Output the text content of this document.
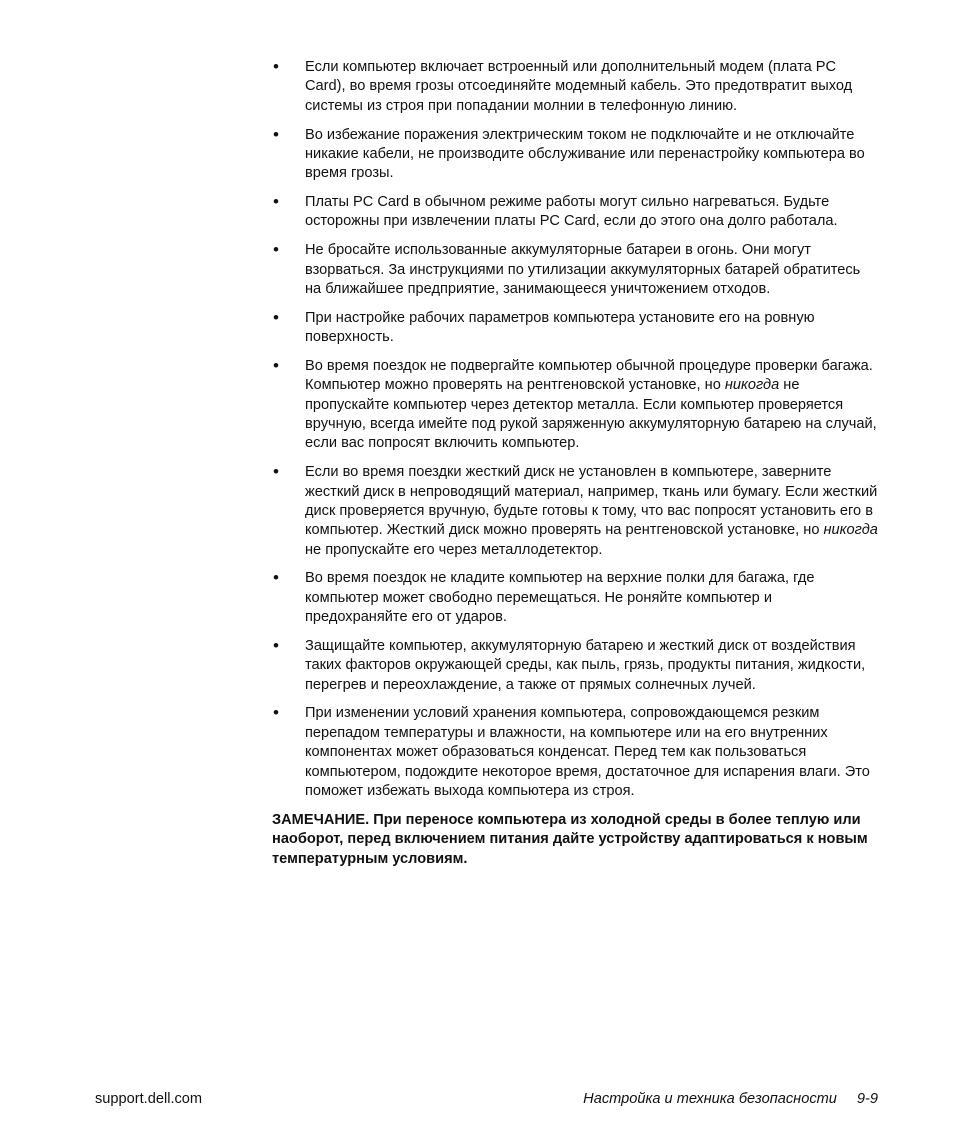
• Если компьютер включает встроенный или дополнительный модем (плата PC Card), во время грозы отсоединяйте модемный кабель. Это предотвратит выход системы из строя при попадании молнии в телефонную линию.
• Во избежание поражения электрическим током не подключайте и не отключайте никакие кабели, не производите обслуживание или перенастройку компьютера во время грозы.
• Платы PC Card в обычном режиме работы могут сильно нагреваться. Будьте осторожны при извлечении платы PC Card, если до этого она долго работала.
• Не бросайте использованные аккумуляторные батареи в огонь. Они могут взорваться. За инструкциями по утилизации аккумуляторных батарей обратитесь на ближайшее предприятие, занимающееся уничтожением отходов.
• При настройке рабочих параметров компьютера установите его на ровную поверхность.
• Во время поездок не подвергайте компьютер обычной процедуре проверки багажа. Компьютер можно проверять на рентгеновской установке, но никогда не пропускайте компьютер через детектор металла. Если компьютер проверяется вручную, всегда имейте под рукой заряженную аккумуляторную батарею на случай, если вас попросят включить компьютер.
• Если во время поездки жесткий диск не установлен в компьютере, заверните жесткий диск в непроводящий материал, например, ткань или бумагу. Если жесткий диск проверяется вручную, будьте готовы к тому, что вас попросят установить его в компьютер. Жесткий диск можно проверять на рентгеновской установке, но никогда не пропускайте его через металлодетектор.
• Во время поездок не кладите компьютер на верхние полки для багажа, где компьютер может свободно перемещаться. Не роняйте компьютер и предохраняйте его от ударов.
• Защищайте компьютер, аккумуляторную батарею и жесткий диск от воздействия таких факторов окружающей среды, как пыль, грязь, продукты питания, жидкости, перегрев и переохлаждение, а также от прямых солнечных лучей.
• При изменении условий хранения компьютера, сопровождающемся резким перепадом температуры и влажности, на компьютере или на его внутренних компонентах может образоваться конденсат. Перед тем как пользоваться компьютером, подождите некоторое время, достаточное для испарения влаги. Это поможет избежать выхода компьютера из строя.
ЗАМЕЧАНИЕ. При переносе компьютера из холодной среды в более теплую или наоборот, перед включением питания дайте устройству адаптироваться к новым температурным условиям.
support.dell.com	Настройка и техника безопасности 9-9
